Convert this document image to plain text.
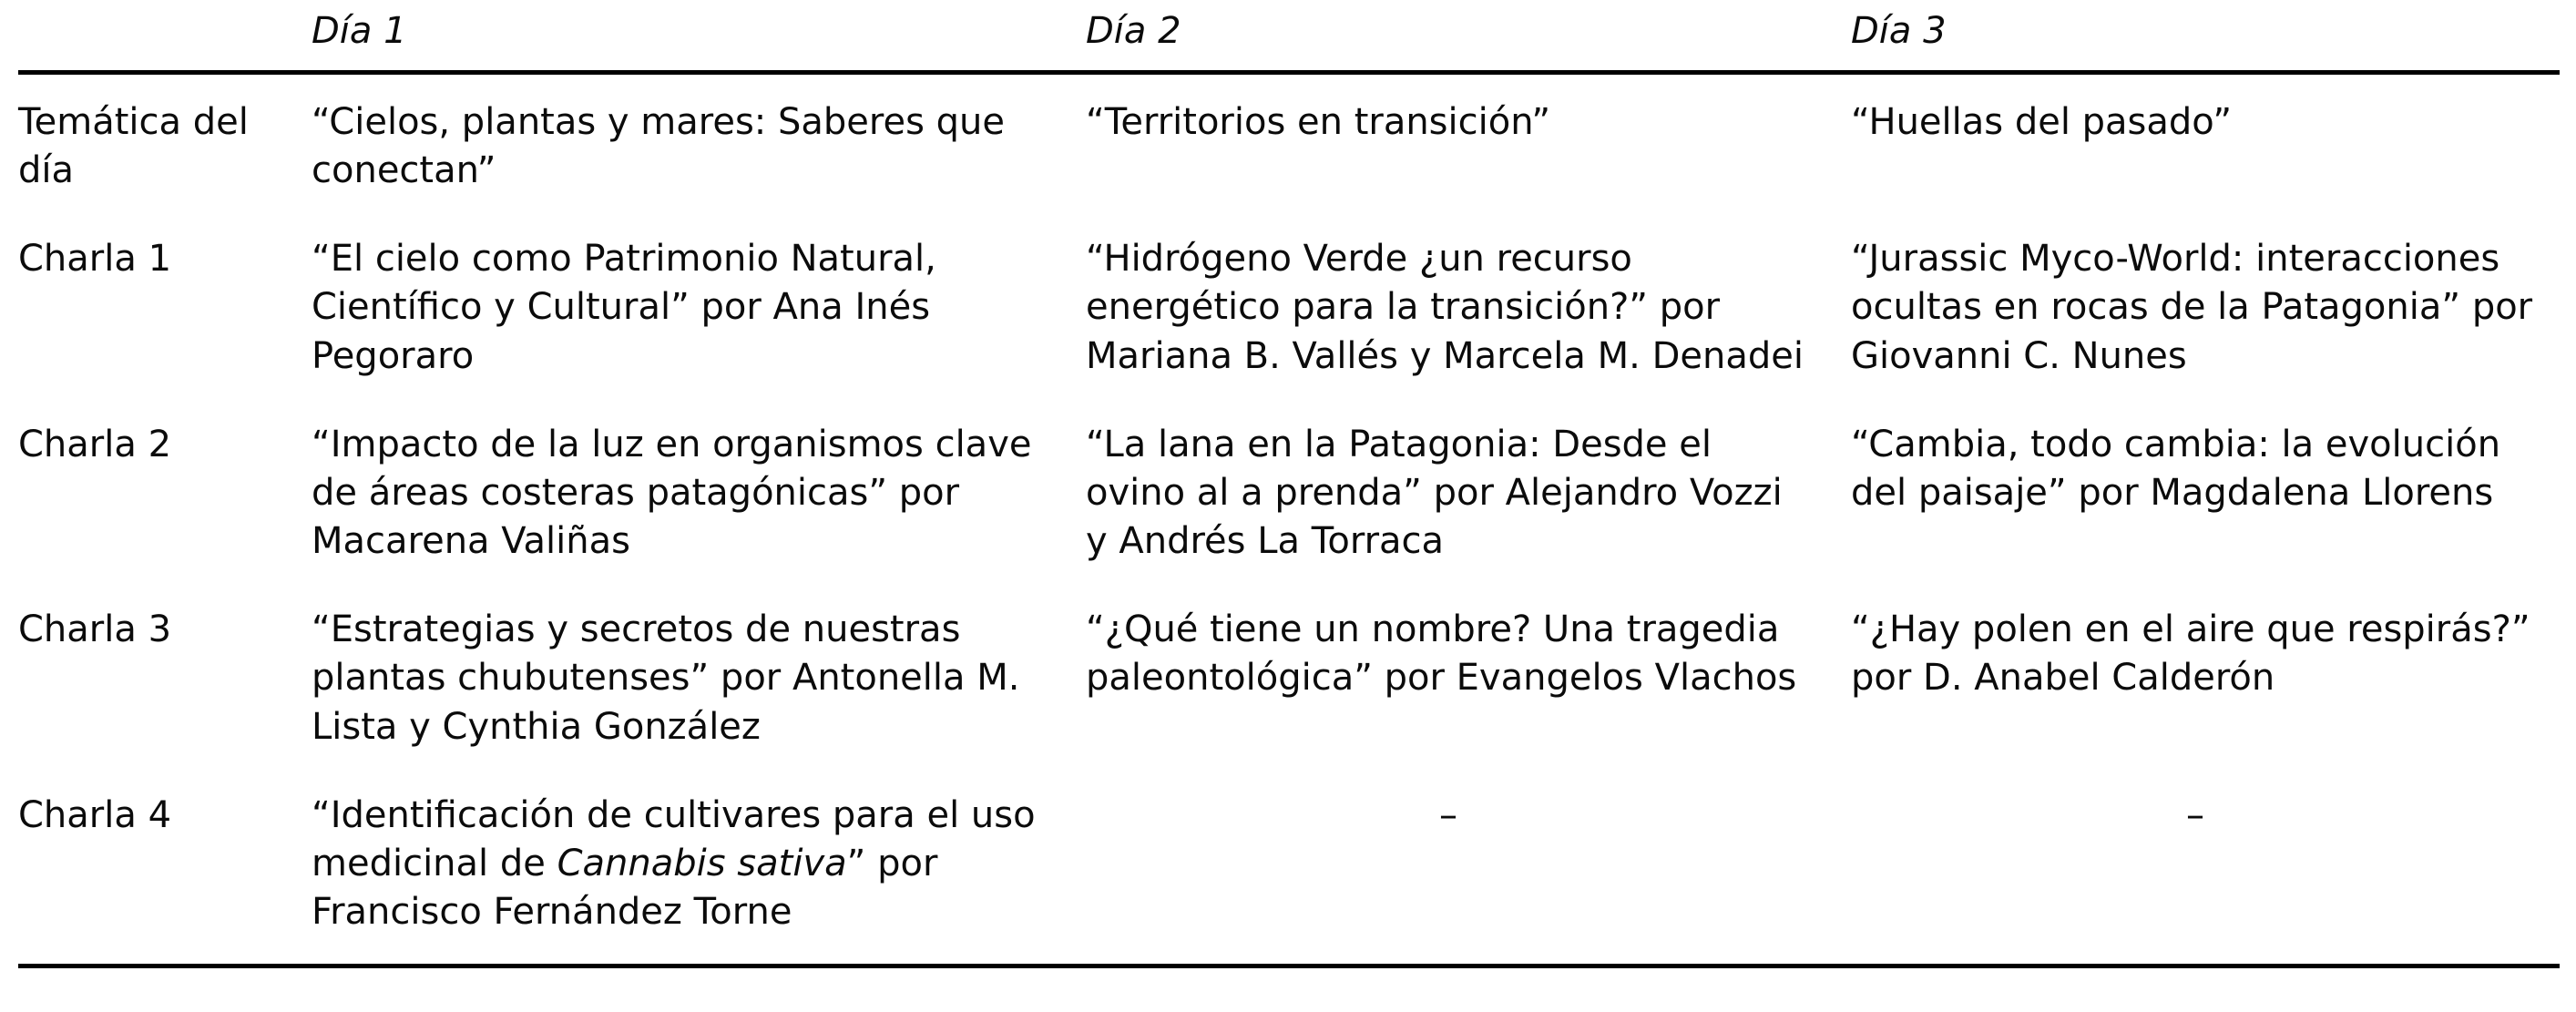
	Día 1	Día 2	Día 3
Temática del día	“Cielos, plantas y mares: Saberes que conectan”	“Territorios en transición”	“Huellas del pasado”
Charla 1	“El cielo como Patrimonio Natural, Científico y Cultural” por Ana Inés Pegoraro	“Hidrógeno Verde ¿un recurso energético para la transición?” por Mariana B. Vallés y Marcela M. Denadei	“Jurassic Myco-World: interacciones ocultas en rocas de la Patagonia” por Giovanni C. Nunes
Charla 2	“Impacto de la luz en organismos clave de áreas costeras patagónicas” por Macarena Valiñas	“La lana en la Patagonia: Desde el ovino al a prenda” por Alejandro Vozzi y Andrés La Torraca	“Cambia, todo cambia: la evolución del paisaje” por Magdalena Llorens
Charla 3	“Estrategias y secretos de nuestras plantas chubutenses” por Antonella M. Lista y Cynthia González	“¿Qué tiene un nombre? Una tragedia paleontológica” por Evangelos Vlachos	“¿Hay polen en el aire que respirás?” por D. Anabel Calderón
Charla 4	“Identificación de cultivares para el uso medicinal de Cannabis sativa” por Francisco Fernández Torne	–	–
